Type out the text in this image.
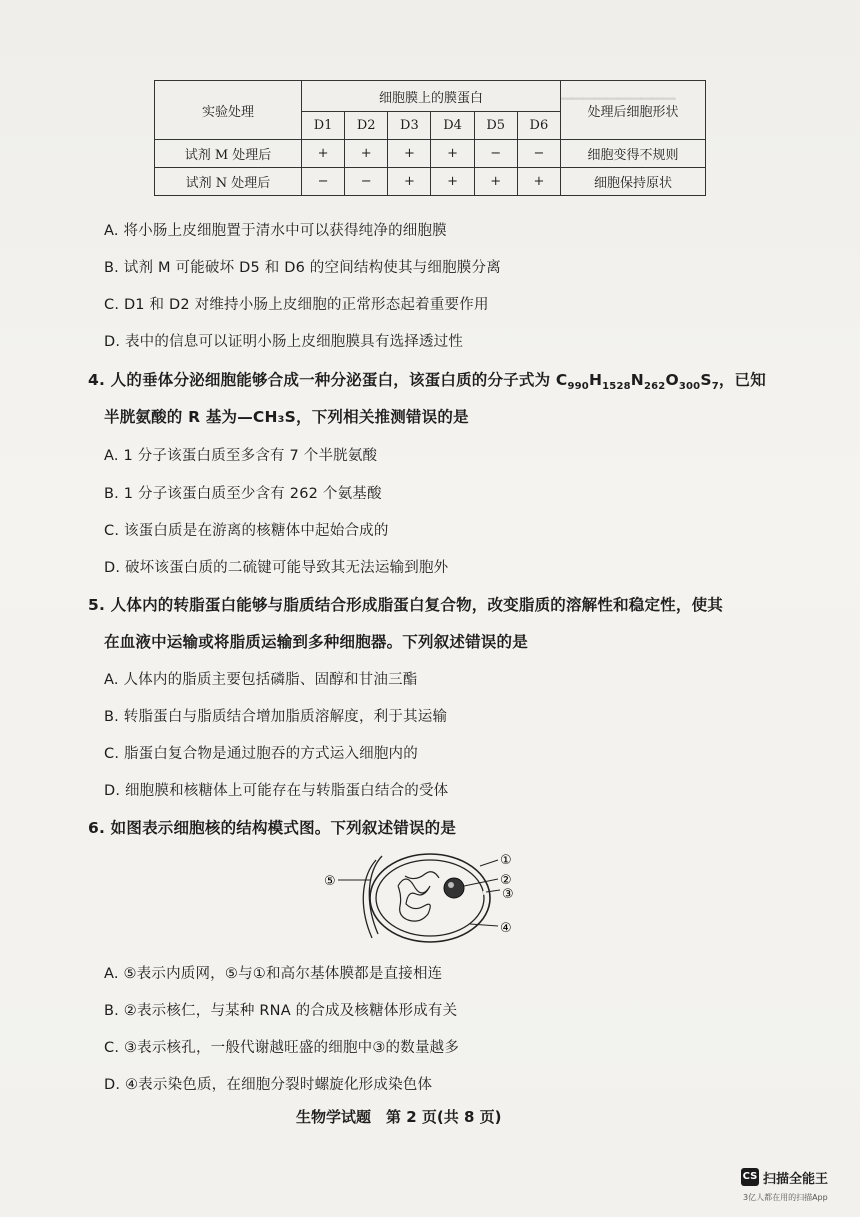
▁▁▁▁▁▁▁▁▁▁
实验处理	细胞膜上的膜蛋白						处理后细胞形状
	D1	D2	D3	D4	D5	D6	
试剂 M 处理后	+	+	+	+	−	−	细胞变得不规则
试剂 N 处理后	−	−	+	+	+	+	细胞保持原状
A. 将小肠上皮细胞置于清水中可以获得纯净的细胞膜
B. 试剂 M 可能破坏 D5 和 D6 的空间结构使其与细胞膜分离
C. D1 和 D2 对维持小肠上皮细胞的正常形态起着重要作用
D. 表中的信息可以证明小肠上皮细胞膜具有选择透过性
4. 人的垂体分泌细胞能够合成一种分泌蛋白，该蛋白质的分子式为 $C_{990}H_{1528}N_{262}O_{300}S_7$，已知
半胱氨酸的 R 基为—CH₃S，下列相关推测错误的是
A. 1 分子该蛋白质至多含有 7 个半胱氨酸
B. 1 分子该蛋白质至少含有 262 个氨基酸
C. 该蛋白质是在游离的核糖体中起始合成的
D. 破坏该蛋白质的二硫键可能导致其无法运输到胞外
5. 人体内的转脂蛋白能够与脂质结合形成脂蛋白复合物，改变脂质的溶解性和稳定性，使其
在血液中运输或将脂质运输到多种细胞器。下列叙述错误的是
A. 人体内的脂质主要包括磷脂、固醇和甘油三酯
B. 转脂蛋白与脂质结合增加脂质溶解度，利于其运输
C. 脂蛋白复合物是通过胞吞的方式运入细胞内的
D. 细胞膜和核糖体上可能存在与转脂蛋白结合的受体
6. 如图表示细胞核的结构模式图。下列叙述错误的是
⑤
①
②
③
④
A. ⑤表示内质网，⑤与①和高尔基体膜都是直接相连
B. ②表示核仁，与某种 RNA 的合成及核糖体形成有关
C. ③表示核孔，一般代谢越旺盛的细胞中③的数量越多
D. ④表示染色质，在细胞分裂时螺旋化形成染色体
生物学试题　第 2 页(共 8 页)
CS 扫描全能王
3亿人都在用的扫描App
